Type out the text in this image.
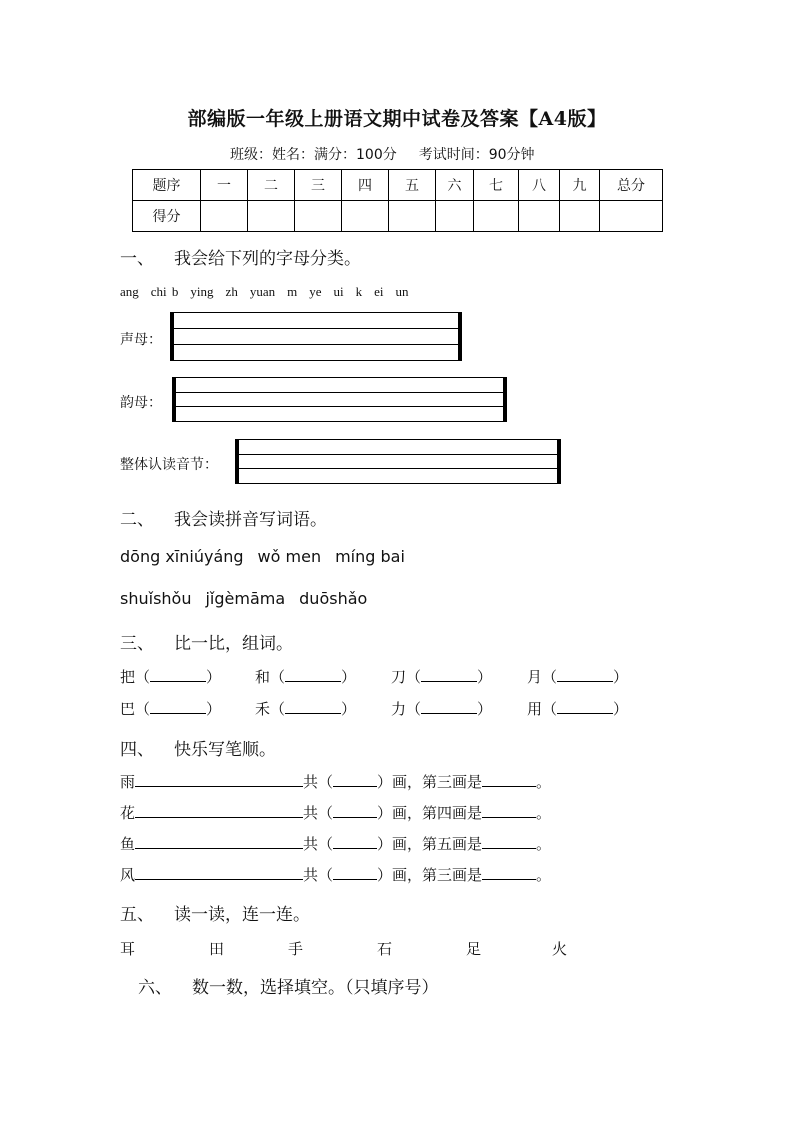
部编版一年级上册语文期中试卷及答案【A4版】
班级：姓名：满分：100分 考试时间：90分钟
题序	一	二	三	四	五	六	七	八	九	总分
得分										
一、 我会给下列的字母分类。
ang chi b ying zh yuan m ye ui k ei un
声母：
韵母：
整体认读音节：
二、 我会读拼音写词语。
dōng xīniúyáng wǒ men míng bai
shuǐshǒu jǐgèmāma duōshǎo
三、 比一比，组词。
把（	） 和（	） 刀（	） 月（	）
巴（	） 禾（	） 力（	） 用（	）
四、 快乐写笔顺。
雨	共（	）画，第三画是	。
花	共（	）画，第四画是	。
鱼	共（	）画，第五画是	。
风	共（	）画，第三画是	。
五、 读一读，连一连。
耳	田	手	石	足	火
六、 数一数，选择填空。（只填序号）
